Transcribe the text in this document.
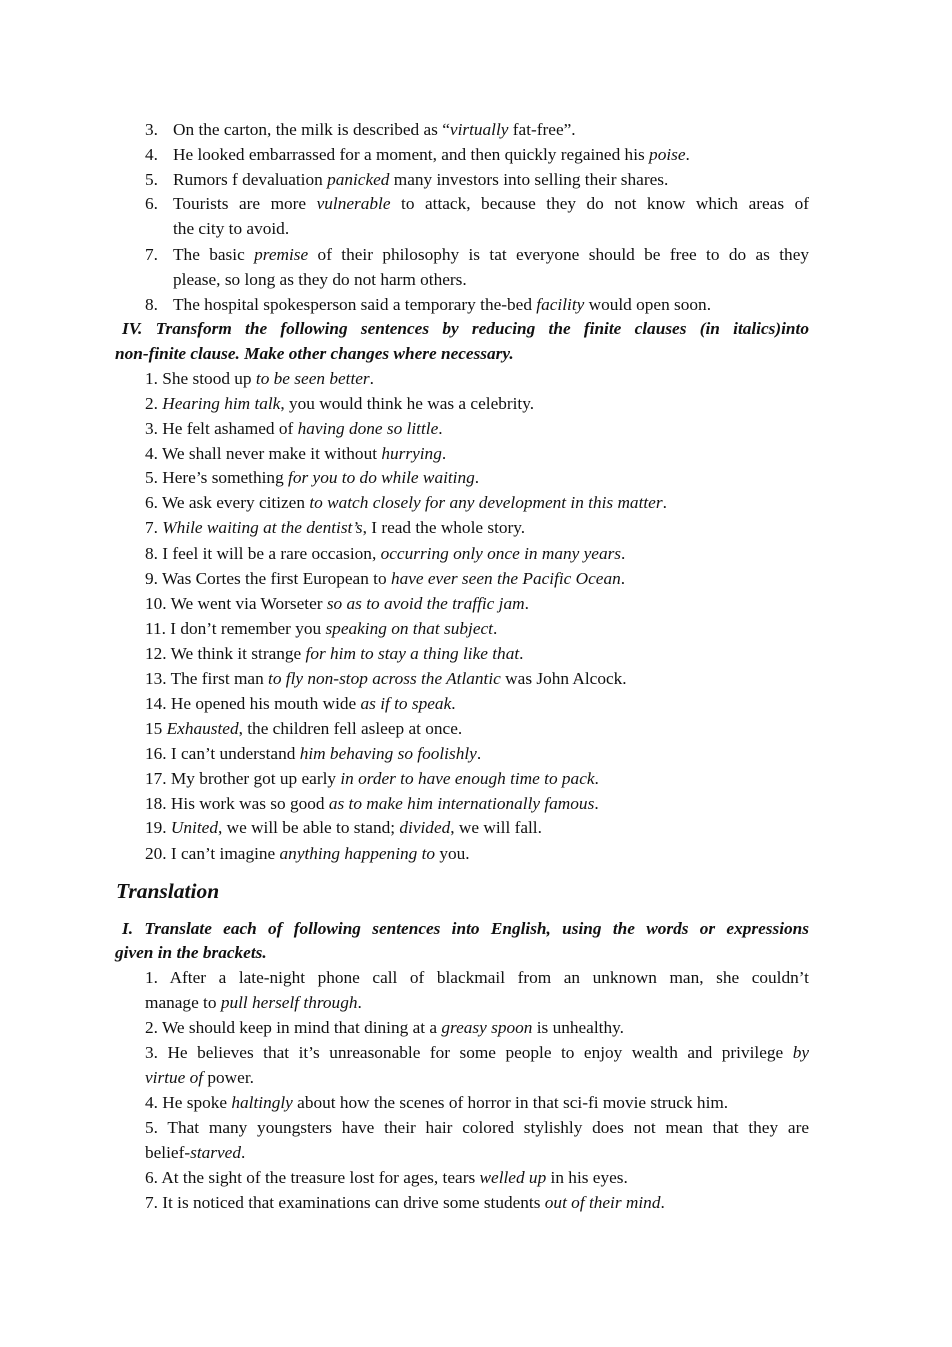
3. On the carton, the milk is described as “virtually fat-free”.
4. He looked embarrassed for a moment, and then quickly regained his poise.
5. Rumors f devaluation panicked many investors into selling their shares.
6. Tourists are more vulnerable to attack, because they do not know which areas of
the city to avoid.
7. The basic premise of their philosophy is tat everyone should be free to do as they
please, so long as they do not harm others.
8. The hospital spokesperson said a temporary the-bed facility would open soon.
IV. Transform the following sentences by reducing the finite clauses (in italics)into
non-finite clause. Make other changes where necessary.
1. She stood up to be seen better.
2. Hearing him talk, you would think he was a celebrity.
3. He felt ashamed of having done so little.
4. We shall never make it without hurrying.
5. Here’s something for you to do while waiting.
6. We ask every citizen to watch closely for any development in this matter.
7. While waiting at the dentist’s, I read the whole story.
8. I feel it will be a rare occasion, occurring only once in many years.
9. Was Cortes the first European to have ever seen the Pacific Ocean.
10. We went via Worseter so as to avoid the traffic jam.
11. I don’t remember you speaking on that subject.
12. We think it strange for him to stay a thing like that.
13. The first man to fly non-stop across the Atlantic was John Alcock.
14. He opened his mouth wide as if to speak.
15 Exhausted, the children fell asleep at once.
16. I can’t understand him behaving so foolishly.
17. My brother got up early in order to have enough time to pack.
18. His work was so good as to make him internationally famous.
19. United, we will be able to stand; divided, we will fall.
20. I can’t imagine anything happening to you.
Translation
I. Translate each of following sentences into English, using the words or expressions
given in the brackets.
1. After a late-night phone call of blackmail from an unknown man, she couldn’t
manage to pull herself through.
2. We should keep in mind that dining at a greasy spoon is unhealthy.
3. He believes that it’s unreasonable for some people to enjoy wealth and privilege by
virtue of power.
4. He spoke haltingly about how the scenes of horror in that sci-fi movie struck him.
5. That many youngsters have their hair colored stylishly does not mean that they are
belief-starved.
6. At the sight of the treasure lost for ages, tears welled up in his eyes.
7. It is noticed that examinations can drive some students out of their mind.
